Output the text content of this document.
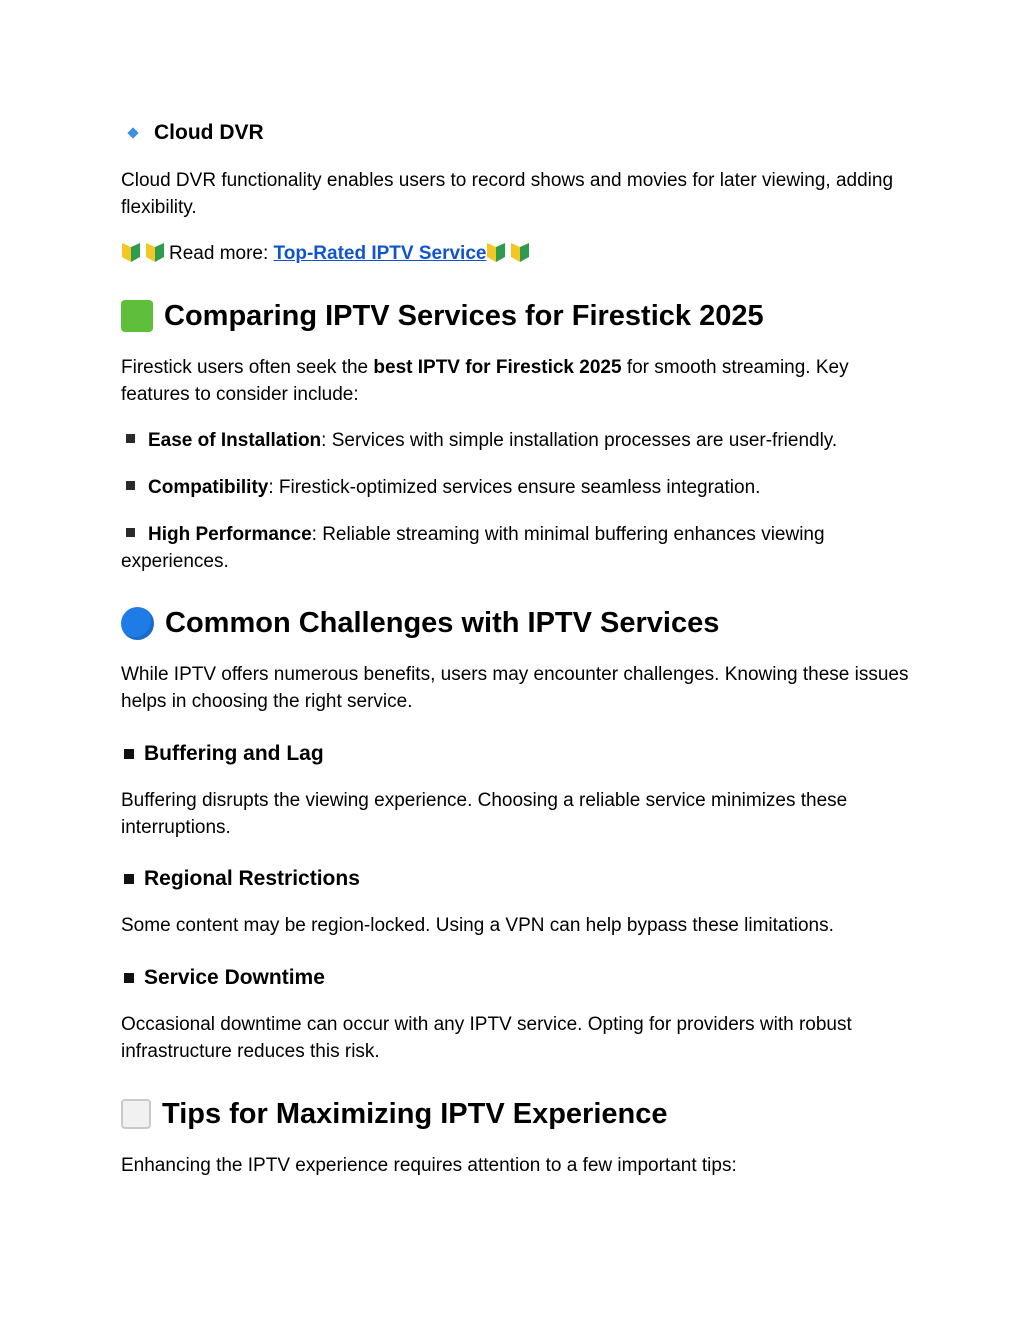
Cloud DVR
Cloud DVR functionality enables users to record shows and movies for later viewing, adding flexibility.
Read more: Top-Rated IPTV Service
Comparing IPTV Services for Firestick 2025
Firestick users often seek the best IPTV for Firestick 2025 for smooth streaming. Key features to consider include:
Ease of Installation: Services with simple installation processes are user-friendly.
Compatibility: Firestick-optimized services ensure seamless integration.
High Performance: Reliable streaming with minimal buffering enhances viewing experiences.
Common Challenges with IPTV Services
While IPTV offers numerous benefits, users may encounter challenges. Knowing these issues helps in choosing the right service.
Buffering and Lag
Buffering disrupts the viewing experience. Choosing a reliable service minimizes these interruptions.
Regional Restrictions
Some content may be region-locked. Using a VPN can help bypass these limitations.
Service Downtime
Occasional downtime can occur with any IPTV service. Opting for providers with robust infrastructure reduces this risk.
Tips for Maximizing IPTV Experience
Enhancing the IPTV experience requires attention to a few important tips:
